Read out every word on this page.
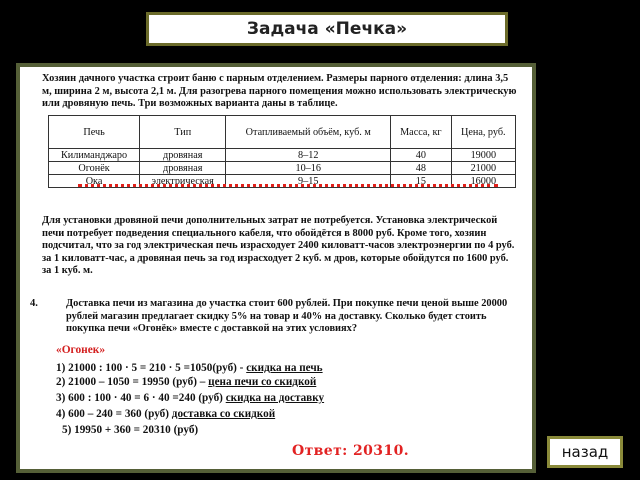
Задача «Печка»
Хозяин дачного участка строит баню с парным отделением. Размеры парного отделения: длина 3,5 м, ширина 2 м, высота 2,1 м. Для разогрева парного помещения можно использовать электрическую или дровяную печь. Три возможных варианта даны в таблице.
Печь	Тип	Отапливаемый объём, куб. м	Масса, кг	Цена, руб.
Килиманджаро	дровяная	8–12	40	19000
Огонёк	дровяная	10–16	48	21000
Ока	электрическая	9–15	15	16000
Для установки дровяной печи дополнительных затрат не потребуется. Установка электрической печи потребует подведения специального кабеля, что обойдётся в 8000 руб. Кроме того, хозяин подсчитал, что за год электрическая печь израсходует 2400 киловатт-часов электроэнергии по 4 руб. за 1 киловатт-час, а дровяная печь за год израсходует 2 куб. м дров, которые обойдутся по 1600 руб. за 1 куб. м.
4.	Доставка печи из магазина до участка стоит 600 рублей. При покупке печи ценой выше 20000 рублей магазин предлагает скидку 5% на товар и 40% на доставку. Сколько будет стоить покупка печи «Огонёк» вместе с доставкой на этих условиях?
«Огонек»
1) 21000 : 100 · 5 = 210 · 5 =1050(руб) - скидка на печь
2) 21000 – 1050 = 19950 (руб) – цена печи со скидкой
3) 600 : 100 · 40 = 6 · 40 =240 (руб) скидка на доставку
4) 600 – 240 = 360 (руб) доставка со скидкой
5) 19950 + 360 = 20310 (руб)
Ответ: 20310.	назад
